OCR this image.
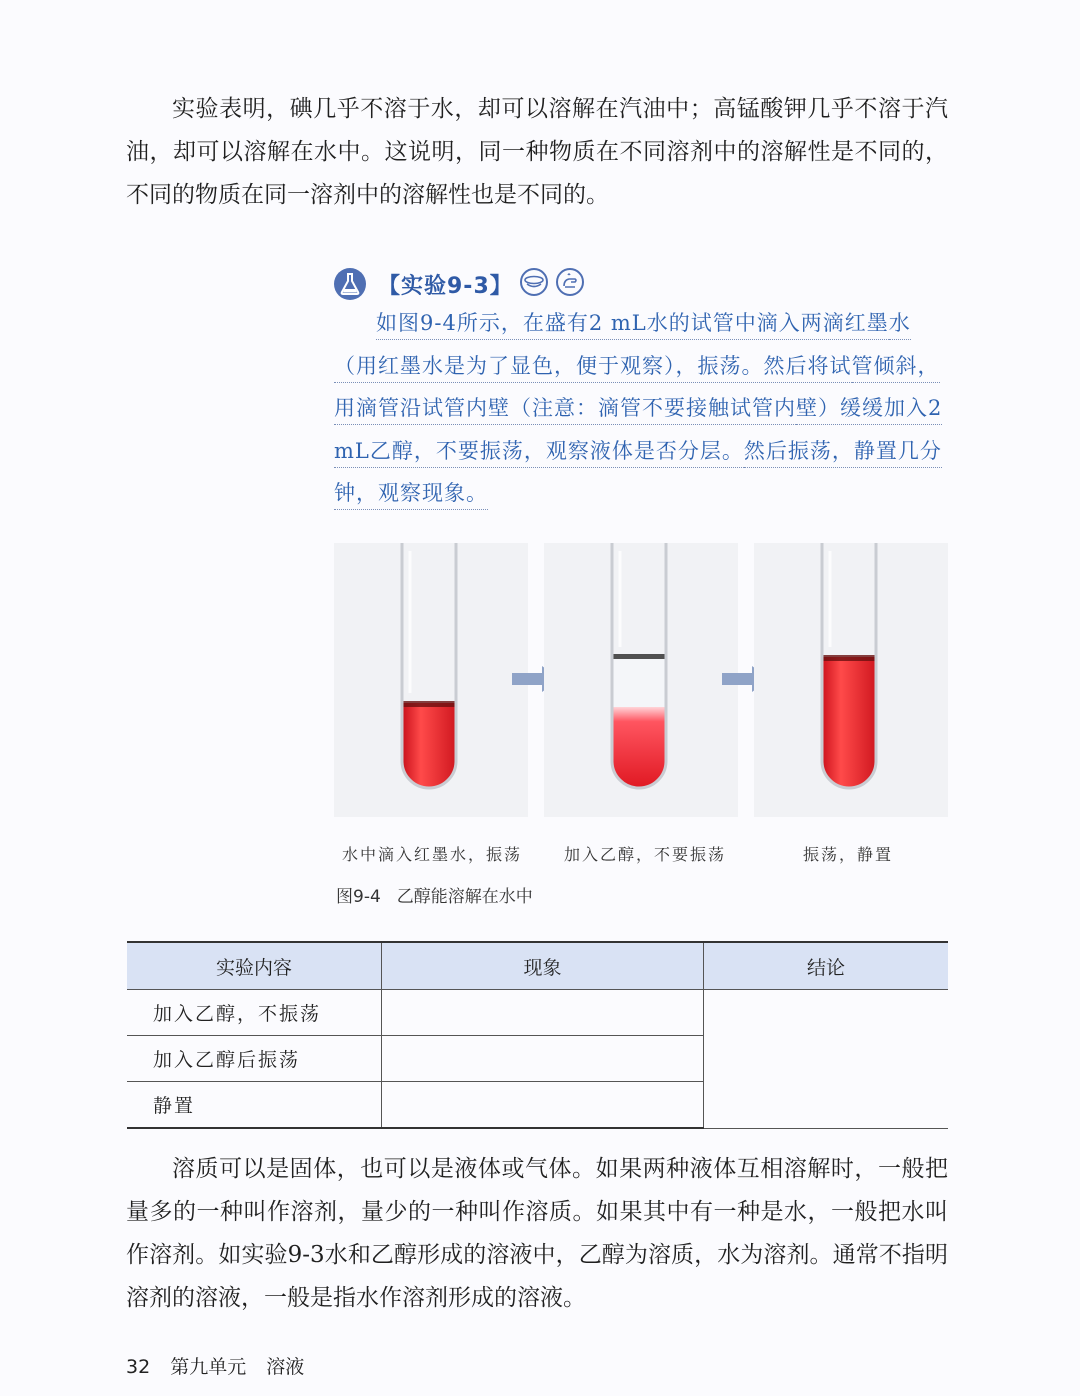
实验表明，碘几乎不溶于水，却可以溶解在汽油中；高锰酸钾几乎不溶于汽油，却可以溶解在水中。这说明，同一种物质在不同溶剂中的溶解性是不同的，不同的物质在同一溶剂中的溶解性也是不同的。

【实验9-3】
如图9-4所示，在盛有2 mL水的试管中滴入两滴红墨水（用红墨水是为了显色，便于观察），振荡。然后将试管倾斜，用滴管沿试管内壁（注意：滴管不要接触试管内壁）缓缓加入2 mL乙醇，不要振荡，观察液体是否分层。然后振荡，静置几分钟，观察现象。
水中滴入红墨水，振荡	加入乙醇，不要振荡	振荡，静置
图9-4 乙醇能溶解在水中
实验内容	现象	结论
加入乙醇，不振荡		
加入乙醇后振荡		
静置		

溶质可以是固体，也可以是液体或气体。如果两种液体互相溶解时，一般把量多的一种叫作溶剂，量少的一种叫作溶质。如果其中有一种是水，一般把水叫作溶剂。如实验9-3水和乙醇形成的溶液中，乙醇为溶质，水为溶剂。通常不指明溶剂的溶液，一般是指水作溶剂形成的溶液。

32 第九单元 溶液
